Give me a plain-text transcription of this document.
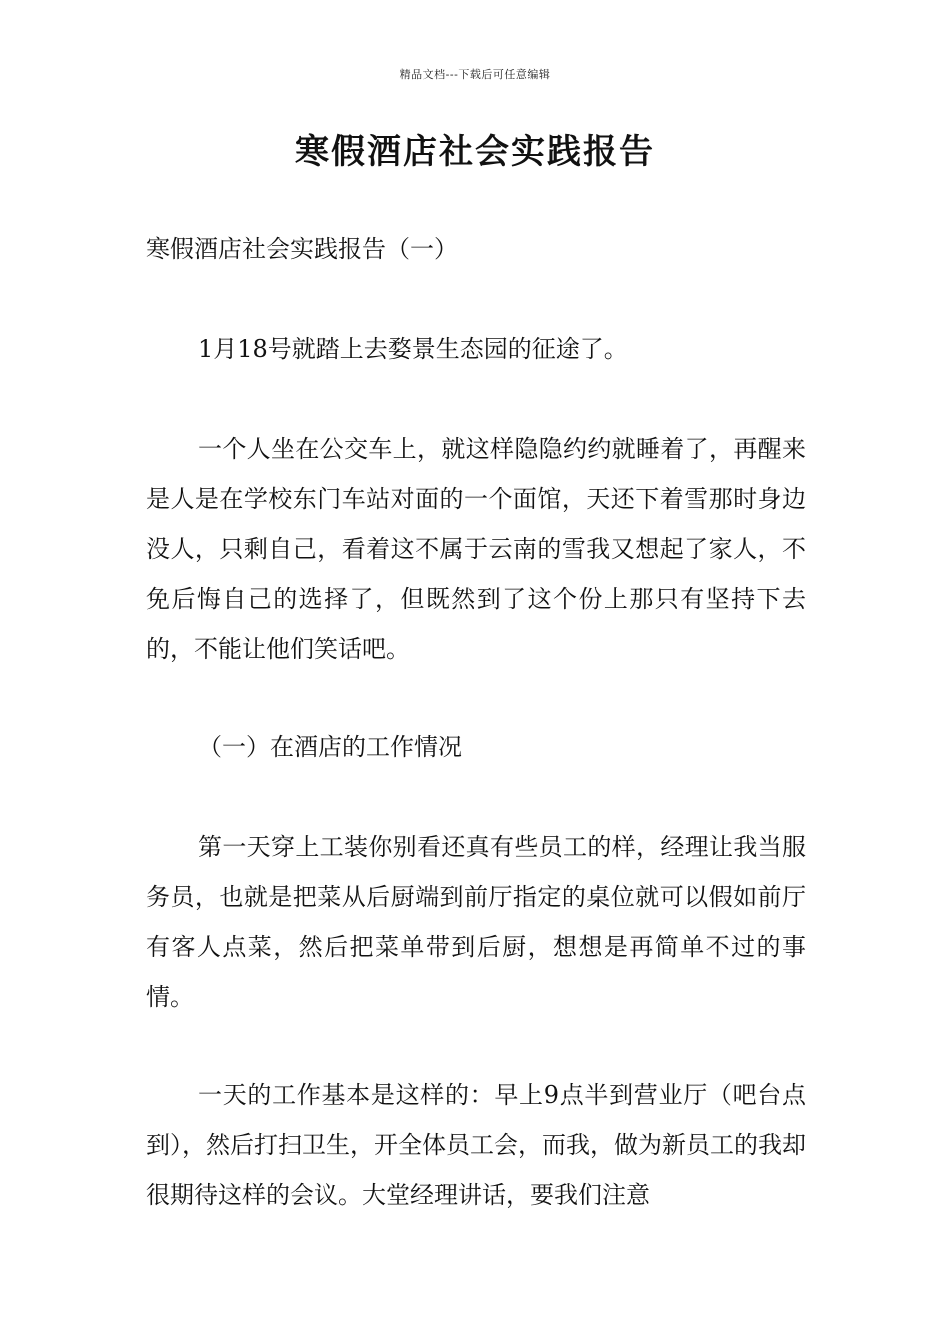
精品文档---下载后可任意编辑
寒假酒店社会实践报告

寒假酒店社会实践报告（一）

1月18号就踏上去婺景生态园的征途了。

一个人坐在公交车上，就这样隐隐约约就睡着了，再醒来是人是在学校东门车站对面的一个面馆，天还下着雪那时身边没人，只剩自己，看着这不属于云南的雪我又想起了家人，不免后悔自己的选择了，但既然到了这个份上那只有坚持下去的，不能让他们笑话吧。

（一）在酒店的工作情况

第一天穿上工装你别看还真有些员工的样，经理让我当服务员，也就是把菜从后厨端到前厅指定的桌位就可以假如前厅有客人点菜，然后把菜单带到后厨，想想是再简单不过的事情。

一天的工作基本是这样的：早上9点半到营业厅（吧台点到），然后打扫卫生，开全体员工会，而我，做为新员工的我却很期待这样的会议。大堂经理讲话，要我们注意
